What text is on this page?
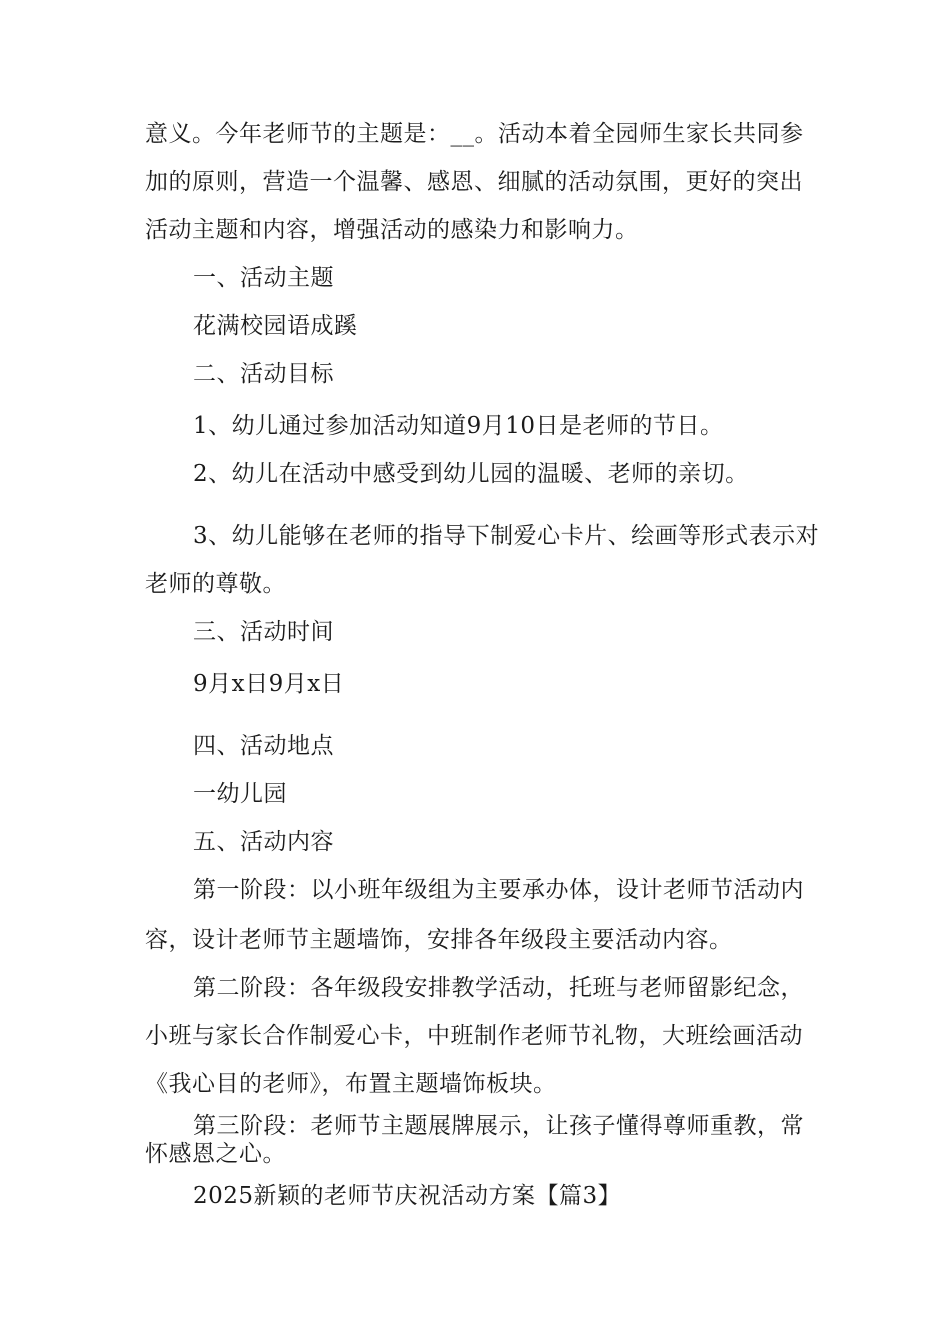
意义。今年老师节的主题是：__。活动本着全园师生家长共同参
加的原则，营造一个温馨、感恩、细腻的活动氛围，更好的突出
活动主题和内容，增强活动的感染力和影响力。
一、活动主题
花满校园语成蹊
二、活动目标
1、幼儿通过参加活动知道9月10日是老师的节日。
2、幼儿在活动中感受到幼儿园的温暖、老师的亲切。
3、幼儿能够在老师的指导下制爱心卡片、绘画等形式表示对
老师的尊敬。
三、活动时间
9月x日9月x日
四、活动地点
一幼儿园
五、活动内容
第一阶段：以小班年级组为主要承办体，设计老师节活动内
容，设计老师节主题墙饰，安排各年级段主要活动内容。
第二阶段：各年级段安排教学活动，托班与老师留影纪念，
小班与家长合作制爱心卡，中班制作老师节礼物，大班绘画活动
《我心目的老师》，布置主题墙饰板块。
第三阶段：老师节主题展牌展示，让孩子懂得尊师重教，常
怀感恩之心。
2025新颖的老师节庆祝活动方案【篇3】
